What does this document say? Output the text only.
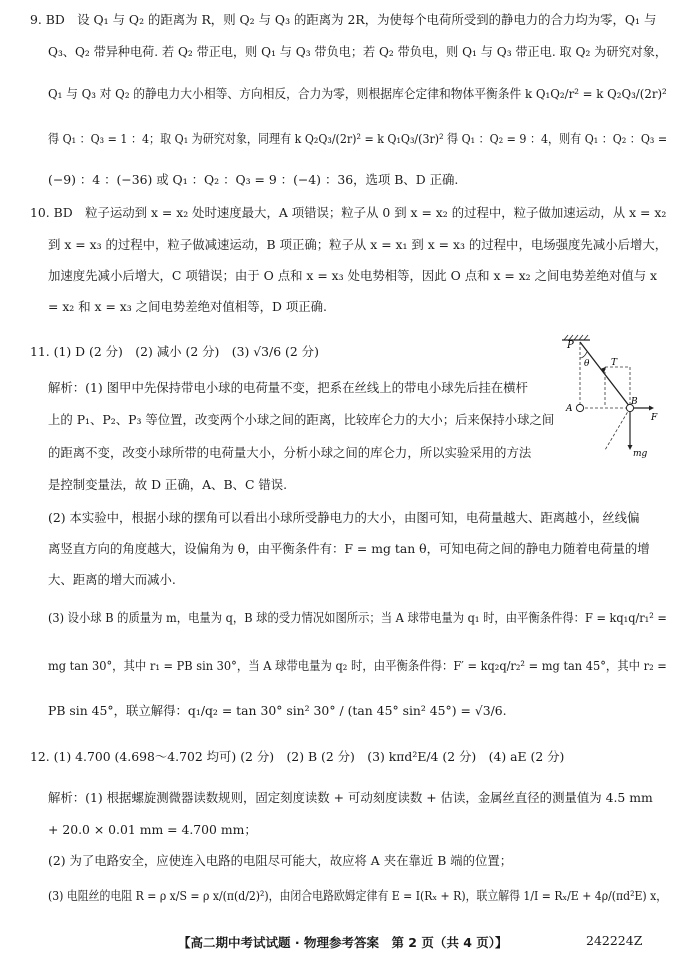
9. BD　设 Q₁ 与 Q₂ 的距离为 R，则 Q₂ 与 Q₃ 的距离为 2R，为使每个电荷所受到的静电力的合力均为零，Q₁ 与
Q₃、Q₂ 带异种电荷. 若 Q₂ 带正电，则 Q₁ 与 Q₃ 带负电；若 Q₂ 带负电，则 Q₁ 与 Q₃ 带正电. 取 Q₂ 为研究对象，
Q₁ 与 Q₃ 对 Q₂ 的静电力大小相等、方向相反，合力为零，则根据库仑定律和物体平衡条件 k Q₁Q₂/r² = k Q₂Q₃/(2r)²
得 Q₁ ：Q₃ = 1 ：4；取 Q₁ 为研究对象，同理有 k Q₂Q₃/(2r)² = k Q₁Q₃/(3r)² 得 Q₁ ：Q₂ = 9 ：4，则有 Q₁ ：Q₂ ：Q₃ =
(−9) ：4 ：(−36) 或 Q₁ ：Q₂ ：Q₃ = 9 ：(−4) ：36，选项 B、D 正确.
10. BD　粒子运动到 x = x₂ 处时速度最大，A 项错误；粒子从 0 到 x = x₂ 的过程中，粒子做加速运动，从 x = x₂
到 x = x₃ 的过程中，粒子做减速运动，B 项正确；粒子从 x = x₁ 到 x = x₃ 的过程中，电场强度先减小后增大，
加速度先减小后增大，C 项错误；由于 O 点和 x = x₃ 处电势相等，因此 O 点和 x = x₂ 之间电势差绝对值与 x
= x₂ 和 x = x₃ 之间电势差绝对值相等，D 项正确.
11. (1) D (2 分)　(2) 减小 (2 分)　(3) √3/6 (2 分)
解析：(1) 图甲中先保持带电小球的电荷量不变，把系在丝线上的带电小球先后挂在横杆
上的 P₁、P₂、P₃ 等位置，改变两个小球之间的距离，比较库仑力的大小；后来保持小球之间
的距离不变，改变小球所带的电荷量大小，分析小球之间的库仑力，所以实验采用的方法
是控制变量法，故 D 正确，A、B、C 错误.
(2) 本实验中，根据小球的摆角可以看出小球所受静电力的大小，由图可知，电荷量越大、距离越小，丝线偏
离竖直方向的角度越大，设偏角为 θ，由平衡条件有：F = mg tan θ，可知电荷之间的静电力随着电荷量的增
大、距离的增大而减小.
(3) 设小球 B 的质量为 m，电量为 q，B 球的受力情况如图所示；当 A 球带电量为 q₁ 时，由平衡条件得：F = kq₁q/r₁² =
mg tan 30°，其中 r₁ = PB sin 30°，当 A 球带电量为 q₂ 时，由平衡条件得：F′ = kq₂q/r₂² = mg tan 45°，其中 r₂ =
PB sin 45°，联立解得：q₁/q₂ = tan 30° sin² 30° / (tan 45° sin² 45°) = √3/6.
12. (1) 4.700 (4.698～4.702 均可) (2 分)　(2) B (2 分)　(3) kπd²E/4 (2 分)　(4) aE (2 分)
解析：(1) 根据螺旋测微器读数规则，固定刻度读数 + 可动刻度读数 + 估读，金属丝直径的测量值为 4.5 mm
+ 20.0 × 0.01 mm = 4.700 mm；
(2) 为了电路安全，应使连入电路的电阻尽可能大，故应将 A 夹在靠近 B 端的位置；
(3) 电阻丝的电阻 R = ρ x/S = ρ x/(π(d/2)²)，由闭合电路欧姆定律有 E = I(Rₓ + R)，联立解得 1/I = Rₓ/E + 4ρ/(πd²E) x，
P
θ T
A
B
F
mg
【高二期中考试试题 · 物理参考答案　第 2 页（共 4 页）】	242224Z
